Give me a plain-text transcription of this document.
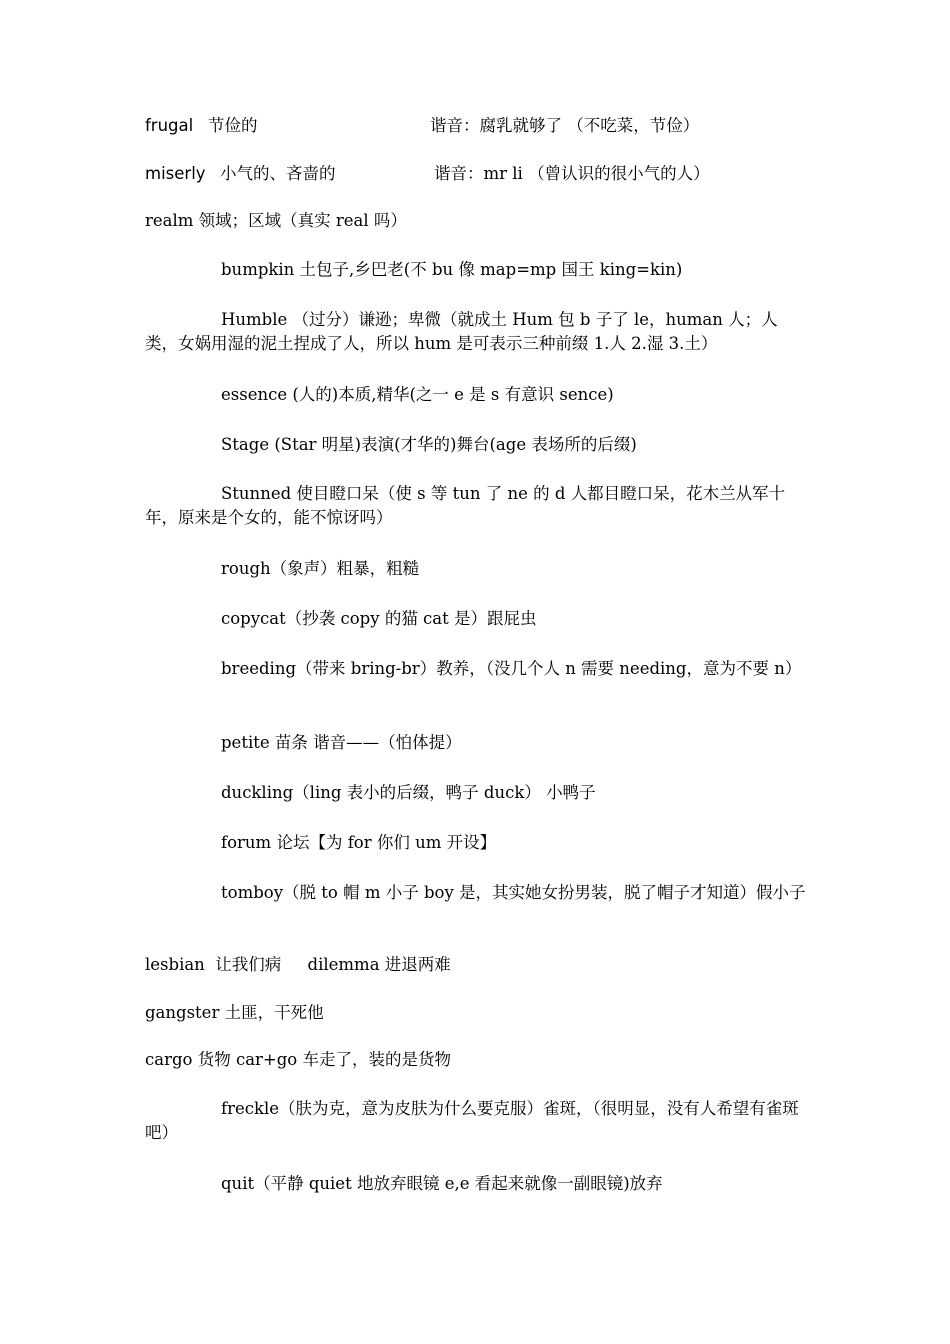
frugal 节俭的	谐音：腐乳就够了 （不吃菜，节俭）
miserly 小气的、吝啬的	谐音：mr li （曾认识的很小气的人）

realm 领域；区域（真实 real 吗）

bumpkin 土包子,乡巴老(不 bu 像 map=mp 国王 king=kin)

Humble （过分）谦逊；卑微（就成土 Hum 包 b 子了 le，human 人；人类，女娲用湿的泥土捏成了人，所以 hum 是可表示三种前缀 1.人 2.湿 3.土）

essence (人的)本质,精华(之一 e 是 s 有意识 sence)

Stage (Star 明星)表演(才华的)舞台(age 表场所的后缀)

Stunned 使目瞪口呆（使 s 等 tun 了 ne 的 d 人都目瞪口呆，花木兰从军十年，原来是个女的，能不惊讶吗）

rough（象声）粗暴，粗糙

copycat（抄袭 copy 的猫 cat 是）跟屁虫

breeding（带来 bring-br）教养，（没几个人 n 需要 needing，意为不要 n）

petite 苗条 谐音——（怕体提）

duckling（ling 表小的后缀，鸭子 duck） 小鸭子

forum 论坛【为 for 你们 um 开设】

tomboy（脱 to 帽 m 小子 boy 是，其实她女扮男装，脱了帽子才知道）假小子

lesbian  让我们病     dilemma 进退两难

gangster 土匪，干死他

cargo 货物 car+go 车走了，装的是货物

freckle（肤为克，意为皮肤为什么要克服）雀斑，（很明显，没有人希望有雀斑吧）

quit（平静 quiet 地放弃眼镜 e,e 看起来就像一副眼镜)放弃
